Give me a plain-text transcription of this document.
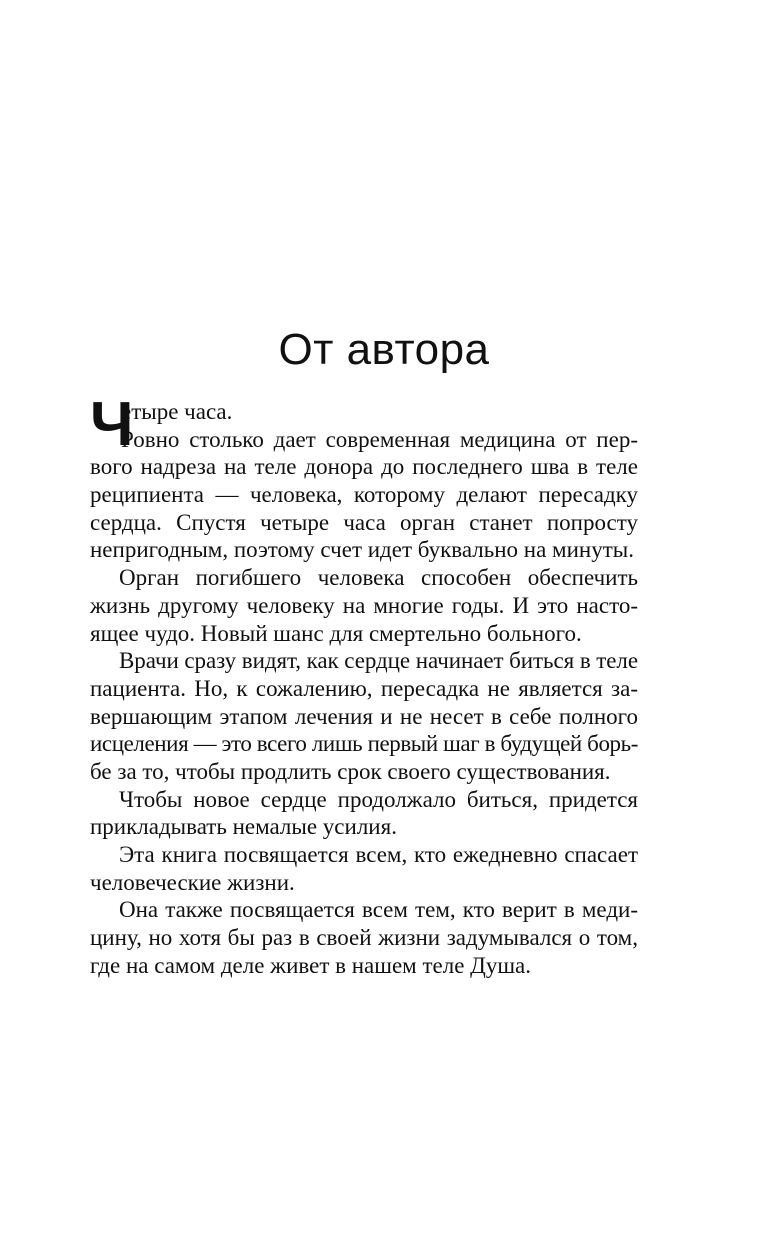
От автора
Ч
етыре часа.
Ровно столько дает современная медицина от пер-
вого надреза на теле донора до последнего шва в теле
реципиента — человека, которому делают пересадку
сердца. Спустя четыре часа орган станет попросту
непригодным, поэтому счет идет буквально на минуты.
Орган погибшего человека способен обеспечить
жизнь другому человеку на многие годы. И это насто-
ящее чудо. Новый шанс для смертельно больного.
Врачи сразу видят, как сердце начинает биться в теле
пациента. Но, к сожалению, пересадка не является за-
вершающим этапом лечения и не несет в себе полного
исцеления — это всего лишь первый шаг в будущей борь-
бе за то, чтобы продлить срок своего существования.
Чтобы новое сердце продолжало биться, придется
прикладывать немалые усилия.
Эта книга посвящается всем, кто ежедневно спасает
человеческие жизни.
Она также посвящается всем тем, кто верит в меди-
цину, но хотя бы раз в своей жизни задумывался о том,
где на самом деле живет в нашем теле Душа.
